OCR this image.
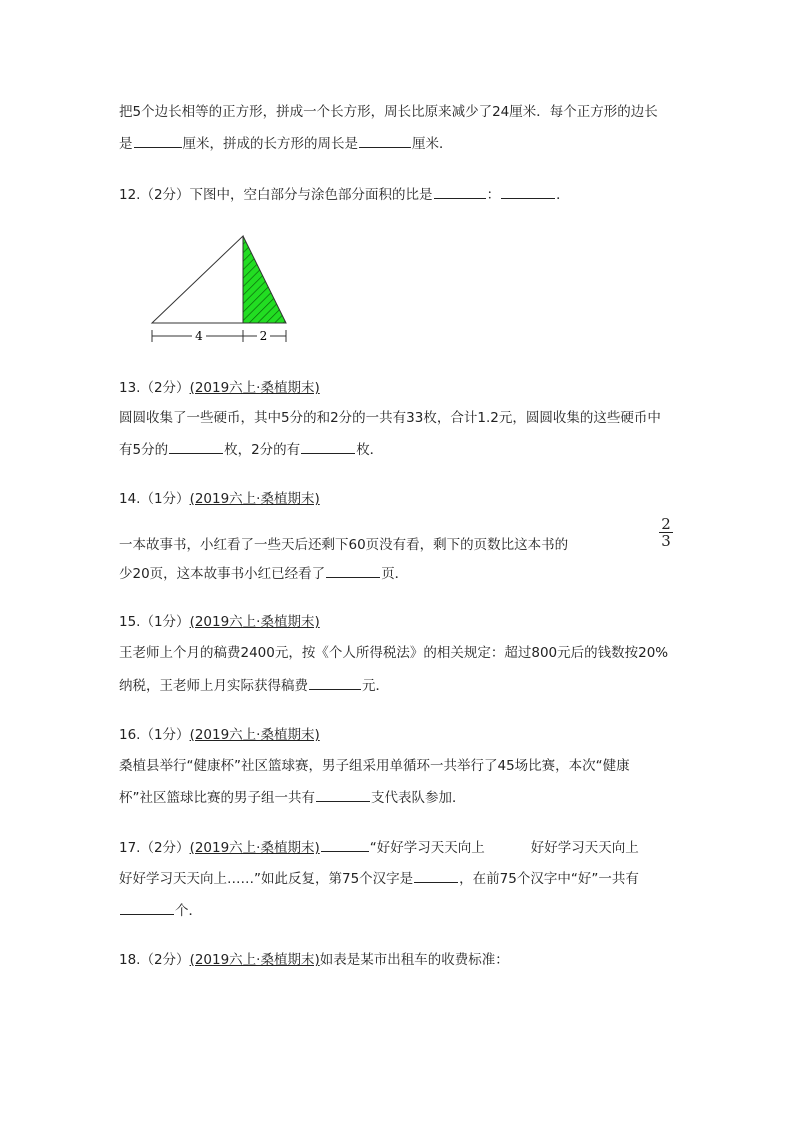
把5个边长相等的正方形，拼成一个长方形，周长比原来减少了24厘米．每个正方形的边长
是	厘米，拼成的长方形的周长是	厘米．
12.（2分）下图中，空白部分与涂色部分面积的比是	：	．
4	2
13.（2分）(2019六上·桑植期末)
圆圆收集了一些硬币，其中5分的和2分的一共有33枚，合计1.2元，圆圆收集的这些硬币中
有5分的	枚，2分的有	枚．
14.（1分）(2019六上·桑植期末)
一本故事书，小红看了一些天后还剩下60页没有看，剩下的页数比这本书的	$\frac{2}{3}$
少20页，这本故事书小红已经看了	页．
15.（1分）(2019六上·桑植期末)
王老师上个月的稿费2400元，按《个人所得税法》的相关规定：超过800元后的钱数按20%
纳税，王老师上月实际获得稿费	元．
16.（1分）(2019六上·桑植期末)
桑植县举行“健康杯”社区篮球赛，男子组采用单循环一共举行了45场比赛，本次“健康
杯”社区篮球比赛的男子组一共有	支代表队参加．
17.（2分）(2019六上·桑植期末)	“好好学习天天向上	好好学习天天向上
好好学习天天向上……”如此反复，第75个汉字是	，在前75个汉字中“好”一共有
个．
18.（2分）(2019六上·桑植期末)如表是某市出租车的收费标准：
